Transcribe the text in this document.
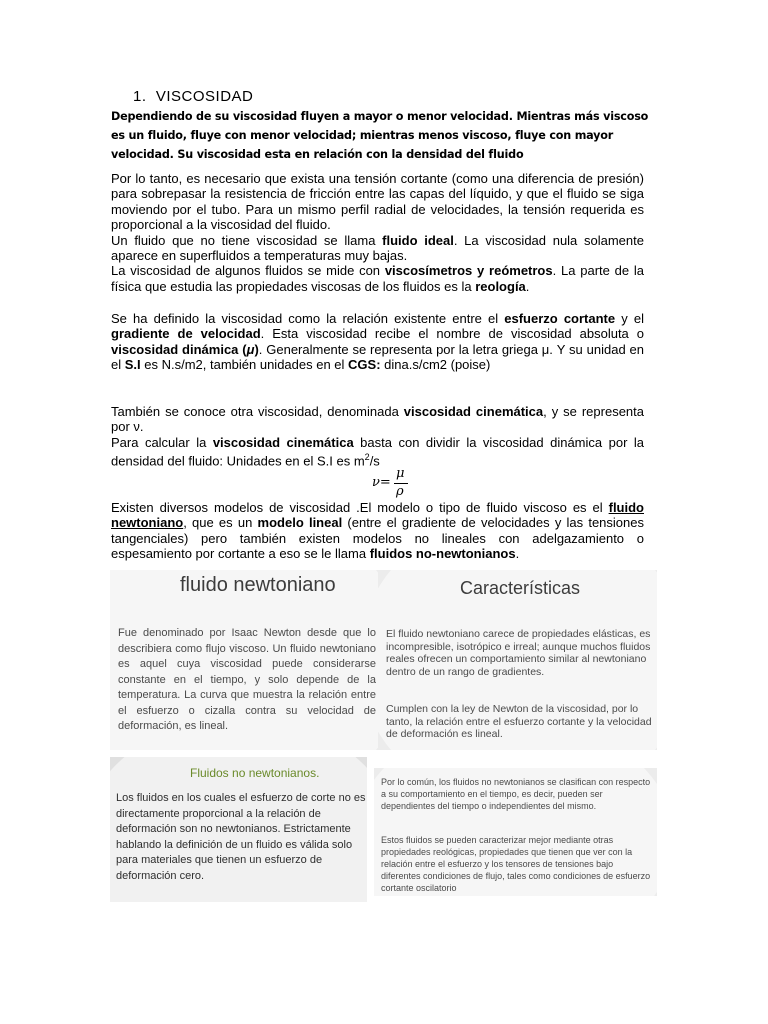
1. VISCOSIDAD
Dependiendo de su viscosidad fluyen a mayor o menor velocidad. Mientras más viscoso es un fluido, fluye con menor velocidad; mientras menos viscoso, fluye con mayor velocidad. Su viscosidad esta en relación con la densidad del fluido
Por lo tanto, es necesario que exista una tensión cortante (como una diferencia de presión) para sobrepasar la resistencia de fricción entre las capas del líquido, y que el fluido se siga moviendo por el tubo. Para un mismo perfil radial de velocidades, la tensión requerida es proporcional a la viscosidad del fluido.
Un fluido que no tiene viscosidad se llama fluido ideal. La viscosidad nula solamente aparece en superfluidos a temperaturas muy bajas.
La viscosidad de algunos fluidos se mide con viscosímetros y reómetros. La parte de la física que estudia las propiedades viscosas de los fluidos es la reología.
Se ha definido la viscosidad como la relación existente entre el esfuerzo cortante y el gradiente de velocidad. Esta viscosidad recibe el nombre de viscosidad absoluta o viscosidad dinámica (μ). Generalmente se representa por la letra griega μ. Y su unidad en el S.I es N.s/m2, también unidades en el CGS: dina.s/cm2 (poise)
También se conoce otra viscosidad, denominada viscosidad cinemática, y se representa por ν.
Para calcular la viscosidad cinemática basta con dividir la viscosidad dinámica por la densidad del fluido: Unidades en el S.I es $m^2/s$
ν=
μ
ρ
Existen diversos modelos de viscosidad .El modelo o tipo de fluido viscoso es el fluido newtoniano, que es un modelo lineal (entre el gradiente de velocidades y las tensiones tangenciales) pero también existen modelos no lineales con adelgazamiento o espesamiento por cortante a eso se le llama fluidos no-newtonianos.
fluido newtoniano
Fue denominado por Isaac Newton desde que lo describiera como flujo viscoso. Un fluido newtoniano es aquel cuya viscosidad puede considerarse constante en el tiempo, y solo depende de la temperatura. La curva que muestra la relación entre el esfuerzo o cizalla contra su velocidad de deformación, es lineal.
Características
El fluido newtoniano carece de propiedades elásticas, es incompresible, isotrópico e irreal; aunque muchos fluidos reales ofrecen un comportamiento similar al newtoniano dentro de un rango de gradientes.
Cumplen con la ley de Newton de la viscosidad, por lo tanto, la relación entre el esfuerzo cortante y la velocidad de deformación es lineal.
Fluidos no newtonianos.
Los fluidos en los cuales el esfuerzo de corte no es directamente proporcional a la relación de deformación son no newtonianos. Estrictamente hablando la definición de un fluido es válida solo para materiales que tienen un esfuerzo de deformación cero.
Por lo común, los fluidos no newtonianos se clasifican con respecto a su comportamiento en el tiempo, es decir, pueden ser dependientes del tiempo o independientes del mismo.
Estos fluidos se pueden caracterizar mejor mediante otras propiedades reológicas, propiedades que tienen que ver con la relación entre el esfuerzo y los tensores de tensiones bajo diferentes condiciones de flujo, tales como condiciones de esfuerzo cortante oscilatorio
